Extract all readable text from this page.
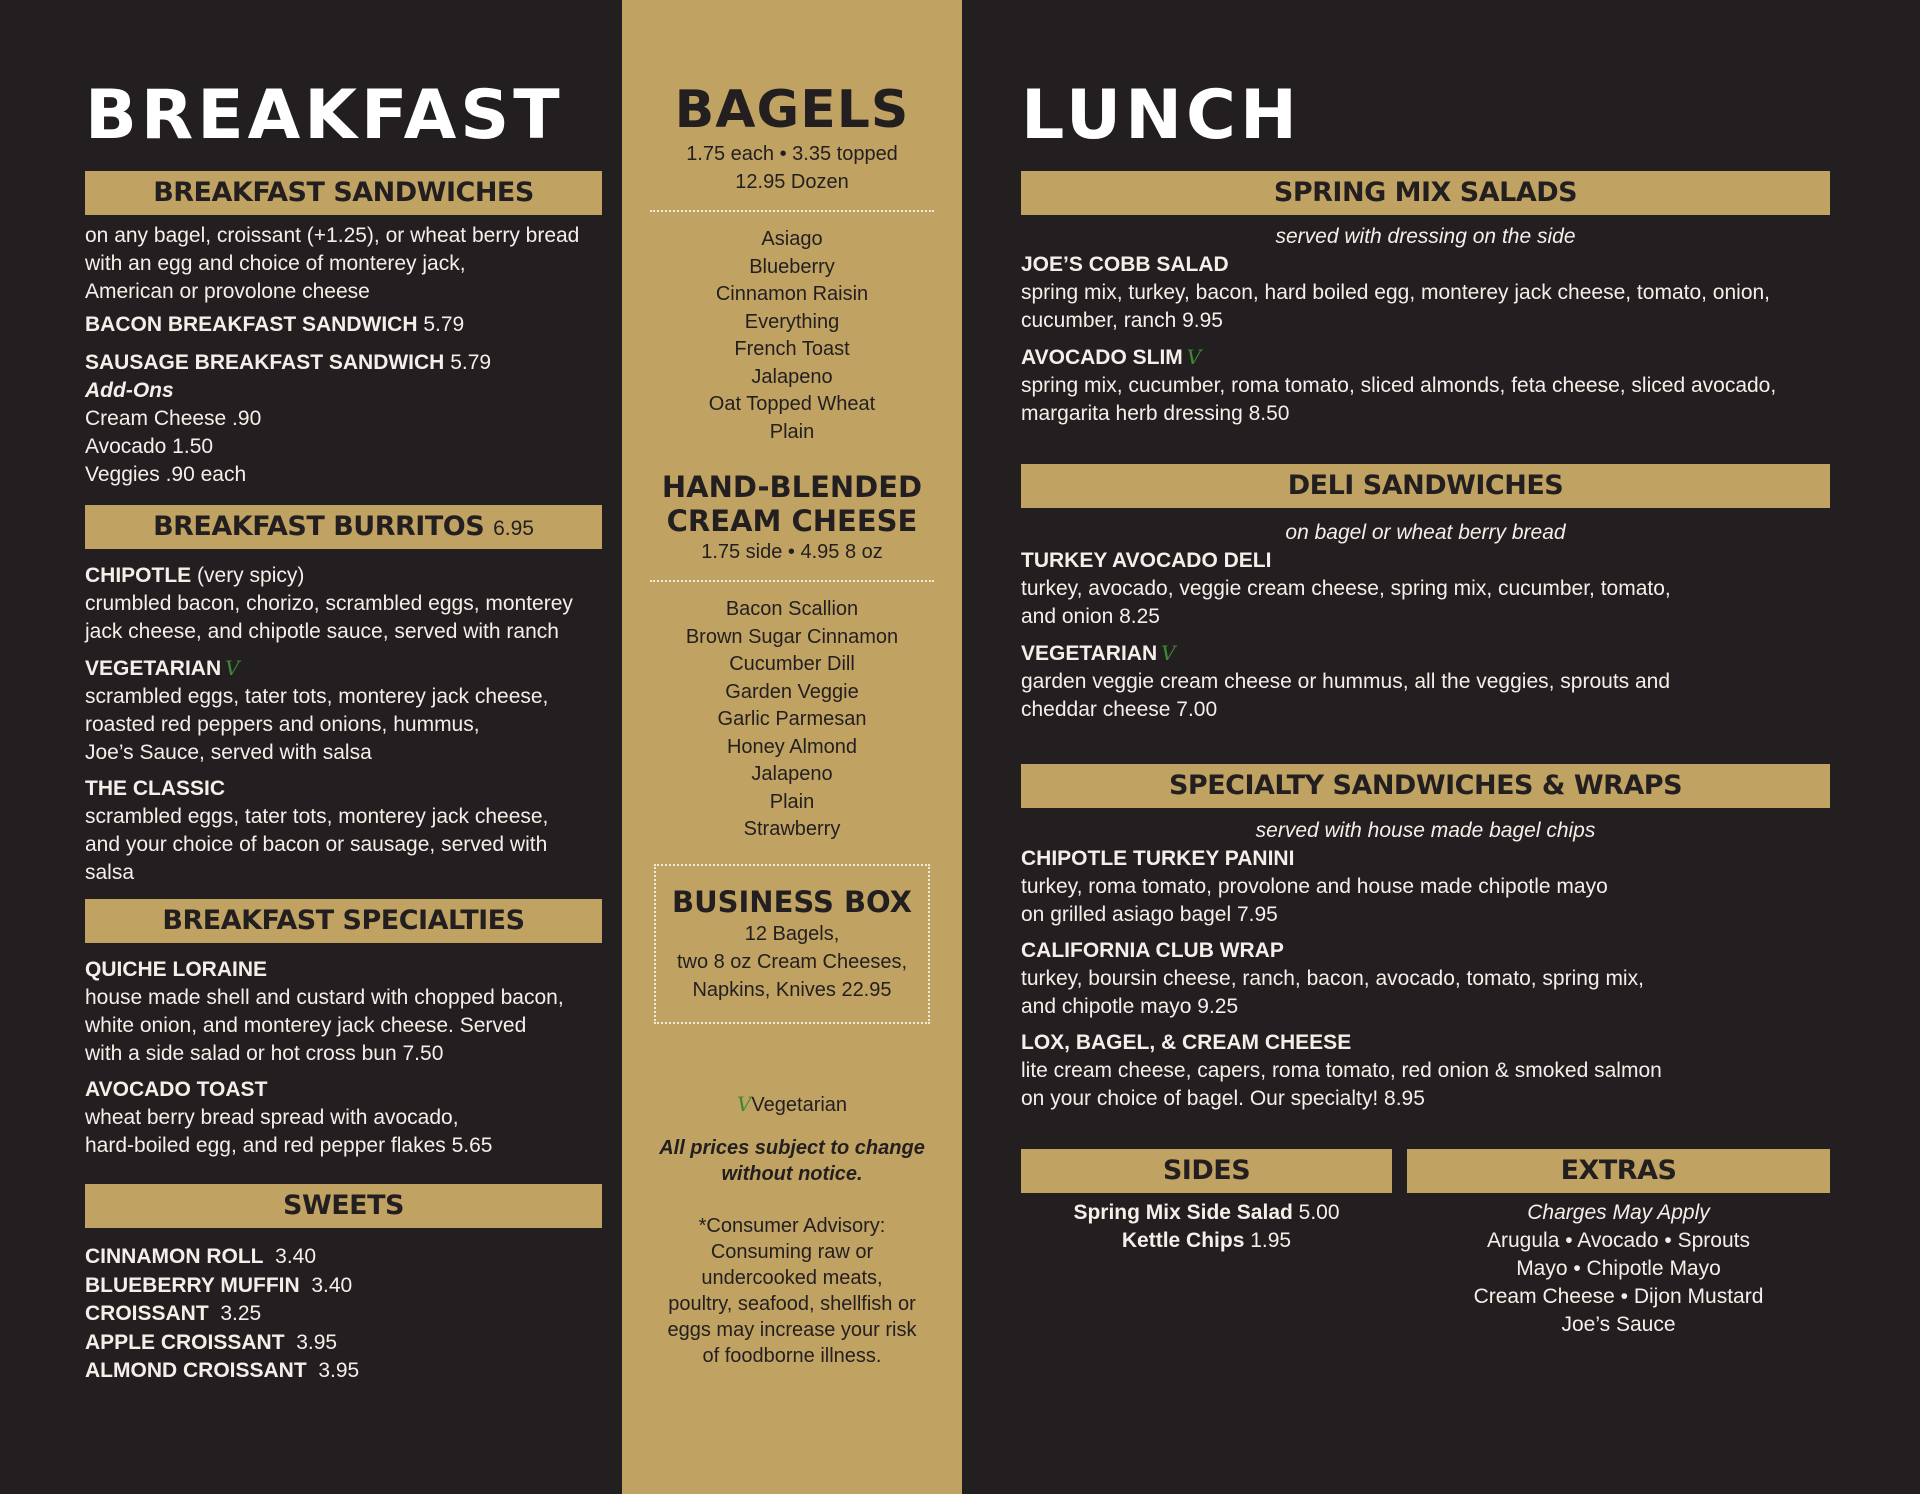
BREAKFAST
BREAKFAST SANDWICHES
on any bagel, croissant (+1.25), or wheat berry bread
with an egg and choice of monterey jack,
American or provolone cheese
BACON BREAKFAST SANDWICH 5.79
SAUSAGE BREAKFAST SANDWICH 5.79
Add-Ons
Cream Cheese .90
Avocado 1.50
Veggies .90 each
BREAKFAST BURRITOS 6.95
CHIPOTLE (very spicy)
crumbled bacon, chorizo, scrambled eggs, monterey
jack cheese, and chipotle sauce, served with ranch
VEGETARIAN V
scrambled eggs, tater tots, monterey jack cheese,
roasted red peppers and onions, hummus,
Joe’s Sauce, served with salsa
THE CLASSIC
scrambled eggs, tater tots, monterey jack cheese,
and your choice of bacon or sausage, served with
salsa
BREAKFAST SPECIALTIES
QUICHE LORAINE
house made shell and custard with chopped bacon,
white onion, and monterey jack cheese. Served
with a side salad or hot cross bun 7.50
AVOCADO TOAST
wheat berry bread spread with avocado,
hard-boiled egg, and red pepper flakes 5.65
SWEETS
CINNAMON ROLL 3.40
BLUEBERRY MUFFIN 3.40
CROISSANT 3.25
APPLE CROISSANT 3.95
ALMOND CROISSANT 3.95
BAGELS
1.75 each • 3.35 topped
12.95 Dozen
Asiago
Blueberry
Cinnamon Raisin
Everything
French Toast
Jalapeno
Oat Topped Wheat
Plain
HAND-BLENDED
CREAM CHEESE
1.75 side • 4.95 8 oz
Bacon Scallion
Brown Sugar Cinnamon
Cucumber Dill
Garden Veggie
Garlic Parmesan
Honey Almond
Jalapeno
Plain
Strawberry
BUSINESS BOX
12 Bagels,
two 8 oz Cream Cheeses,
Napkins, Knives 22.95
VVegetarian
All prices subject to change
without notice.
*Consumer Advisory:
Consuming raw or
undercooked meats,
poultry, seafood, shellfish or
eggs may increase your risk
of foodborne illness.
LUNCH
SPRING MIX SALADS
served with dressing on the side
JOE’S COBB SALAD
spring mix, turkey, bacon, hard boiled egg, monterey jack cheese, tomato, onion,
cucumber, ranch 9.95
AVOCADO SLIM V
spring mix, cucumber, roma tomato, sliced almonds, feta cheese, sliced avocado,
margarita herb dressing 8.50
DELI SANDWICHES
on bagel or wheat berry bread
TURKEY AVOCADO DELI
turkey, avocado, veggie cream cheese, spring mix, cucumber, tomato,
and onion 8.25
VEGETARIAN V
garden veggie cream cheese or hummus, all the veggies, sprouts and
cheddar cheese 7.00
SPECIALTY SANDWICHES & WRAPS
served with house made bagel chips
CHIPOTLE TURKEY PANINI
turkey, roma tomato, provolone and house made chipotle mayo
on grilled asiago bagel 7.95
CALIFORNIA CLUB WRAP
turkey, boursin cheese, ranch, bacon, avocado, tomato, spring mix,
and chipotle mayo 9.25
LOX, BAGEL, & CREAM CHEESE
lite cream cheese, capers, roma tomato, red onion & smoked salmon
on your choice of bagel. Our specialty! 8.95
SIDES
Spring Mix Side Salad 5.00
Kettle Chips 1.95
EXTRAS
Charges May Apply
Arugula • Avocado • Sprouts
Mayo • Chipotle Mayo
Cream Cheese • Dijon Mustard
Joe’s Sauce
